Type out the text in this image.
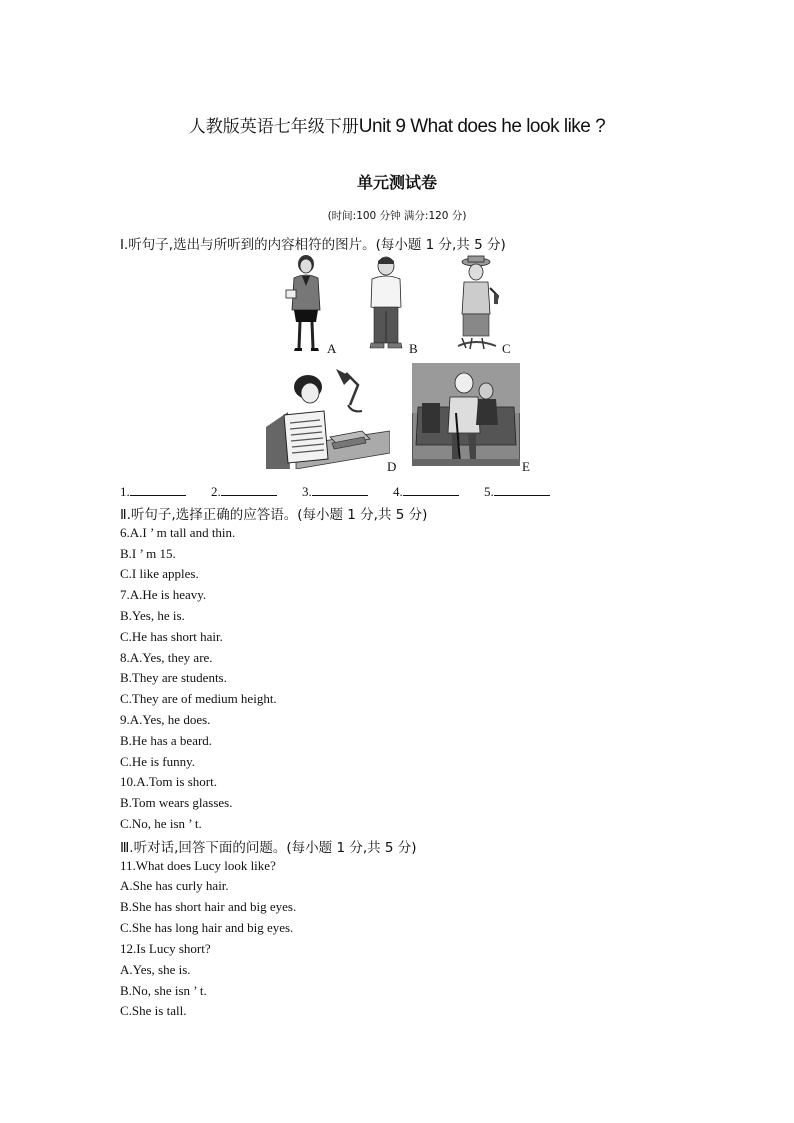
人教版英语七年级下册Unit 9 What does he look like ?
单元测试卷
(时间:100 分钟 满分:120 分)
Ⅰ.听句子,选出与所听到的内容相符的图片。(每小题 1 分,共 5 分)
A	B	C
D	E
1.	2.	3.	4.	5.
Ⅱ.听句子,选择正确的应答语。(每小题 1 分,共 5 分)
6.A.I ’ m tall and thin.
B.I ’ m 15.
C.I like apples.
7.A.He is heavy.
B.Yes, he is.
C.He has short hair.
8.A.Yes, they are.
B.They are students.
C.They are of medium height.
9.A.Yes, he does.
B.He has a beard.
C.He is funny.
10.A.Tom is short.
B.Tom wears glasses.
C.No, he isn ’ t.
Ⅲ.听对话,回答下面的问题。(每小题 1 分,共 5 分)
11.What does Lucy look like?
A.She has curly hair.
B.She has short hair and big eyes.
C.She has long hair and big eyes.
12.Is Lucy short?
A.Yes, she is.
B.No, she isn ’ t.
C.She is tall.
